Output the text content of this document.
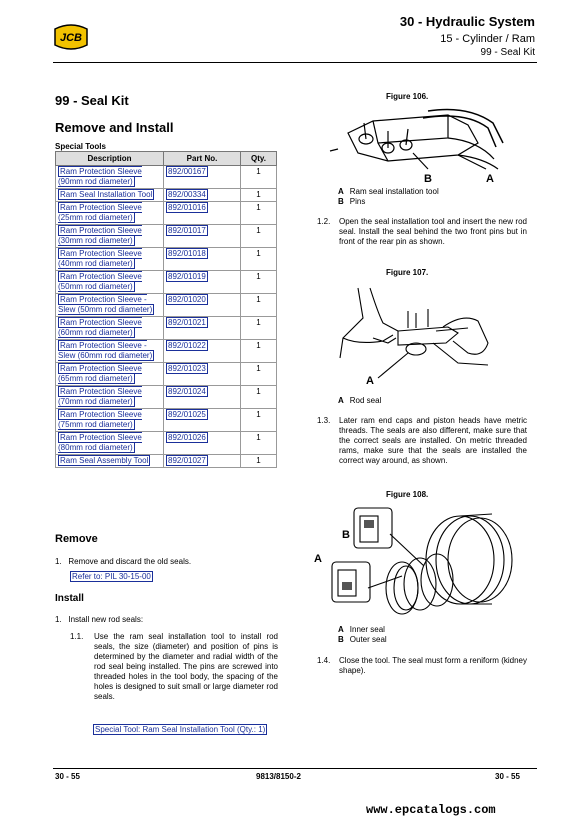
JCB
30 - Hydraulic System
15 - Cylinder / Ram
99 - Seal Kit
99 - Seal Kit
Remove and Install
Special Tools
Description	Part No.	Qty.
Ram Protection Sleeve (90mm rod diameter)	892/00167	1
Ram Seal Installation Tool	892/00334	1
Ram Protection Sleeve (25mm rod diameter)	892/01016	1
Ram Protection Sleeve (30mm rod diameter)	892/01017	1
Ram Protection Sleeve (40mm rod diameter)	892/01018	1
Ram Protection Sleeve (50mm rod diameter)	892/01019	1
Ram Protection Sleeve - Slew (50mm rod diameter)	892/01020	1
Ram Protection Sleeve (60mm rod diameter)	892/01021	1
Ram Protection Sleeve - Slew (60mm rod diameter)	892/01022	1
Ram Protection Sleeve (65mm rod diameter)	892/01023	1
Ram Protection Sleeve (70mm rod diameter)	892/01024	1
Ram Protection Sleeve (75mm rod diameter)	892/01025	1
Ram Protection Sleeve (80mm rod diameter)	892/01026	1
Ram Seal Assembly Tool	892/01027	1
Remove
1. Remove and discard the old seals.
Refer to: PIL 30-15-00
Install
1. Install new rod seals:
1.1. Use the ram seal installation tool to install rod seals, the size (diameter) and position of pins is determined by the diameter and radial width of the rod seal being installed. The pins are screwed into threaded holes in the tool body, the spacing of the holes is designed to suit small or large diameter rod seals.
Special Tool: Ram Seal Installation Tool (Qty.: 1)
Figure 106.
B	A
A Ram seal installation tool
B Pins
1.2. Open the seal installation tool and insert the new rod seal. Install the seal behind the two front pins but in front of the rear pin as shown.
Figure 107.
A
A Rod seal
1.3. Later ram end caps and piston heads have metric threads. The seals are also different, make sure that the correct seals are installed. On metric threaded rams, make sure that the seals are installed the correct way around, as shown.
Figure 108.
B
A
A Inner seal
B Outer seal
1.4. Close the tool. The seal must form a reniform (kidney shape).
30 - 55	9813/8150-2	30 - 55
www.epcatalogs.com
